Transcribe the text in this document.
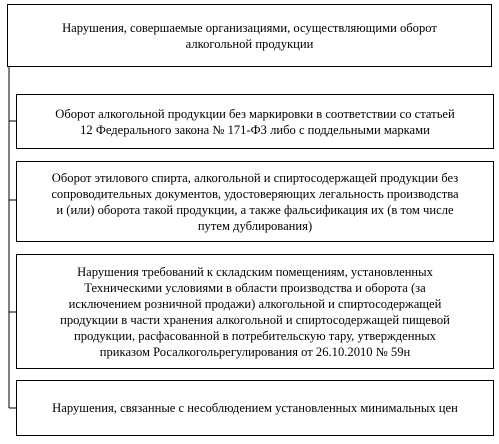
Нарушения, совершаемые организациями, осуществляющими оборот
алкогольной продукции
Оборот алкогольной продукции без маркировки в соответствии со статьей
12 Федерального закона № 171-ФЗ либо с поддельными марками
Оборот этилового спирта, алкогольной и спиртосодержащей продукции без
сопроводительных документов, удостоверяющих легальность производства
и (или) оборота такой продукции, а также фальсификация их (в том числе
путем дублирования)
Нарушения требований к складским помещениям, установленных
Техническими условиями в области производства и оборота (за
исключением розничной продажи) алкогольной и спиртосодержащей
продукции в части хранения алкогольной и спиртосодержащей пищевой
продукции, расфасованной в потребительскую тару, утвержденных
приказом Росалкогольрегулирования от 26.10.2010 № 59н
Нарушения, связанные с несоблюдением установленных минимальных цен
